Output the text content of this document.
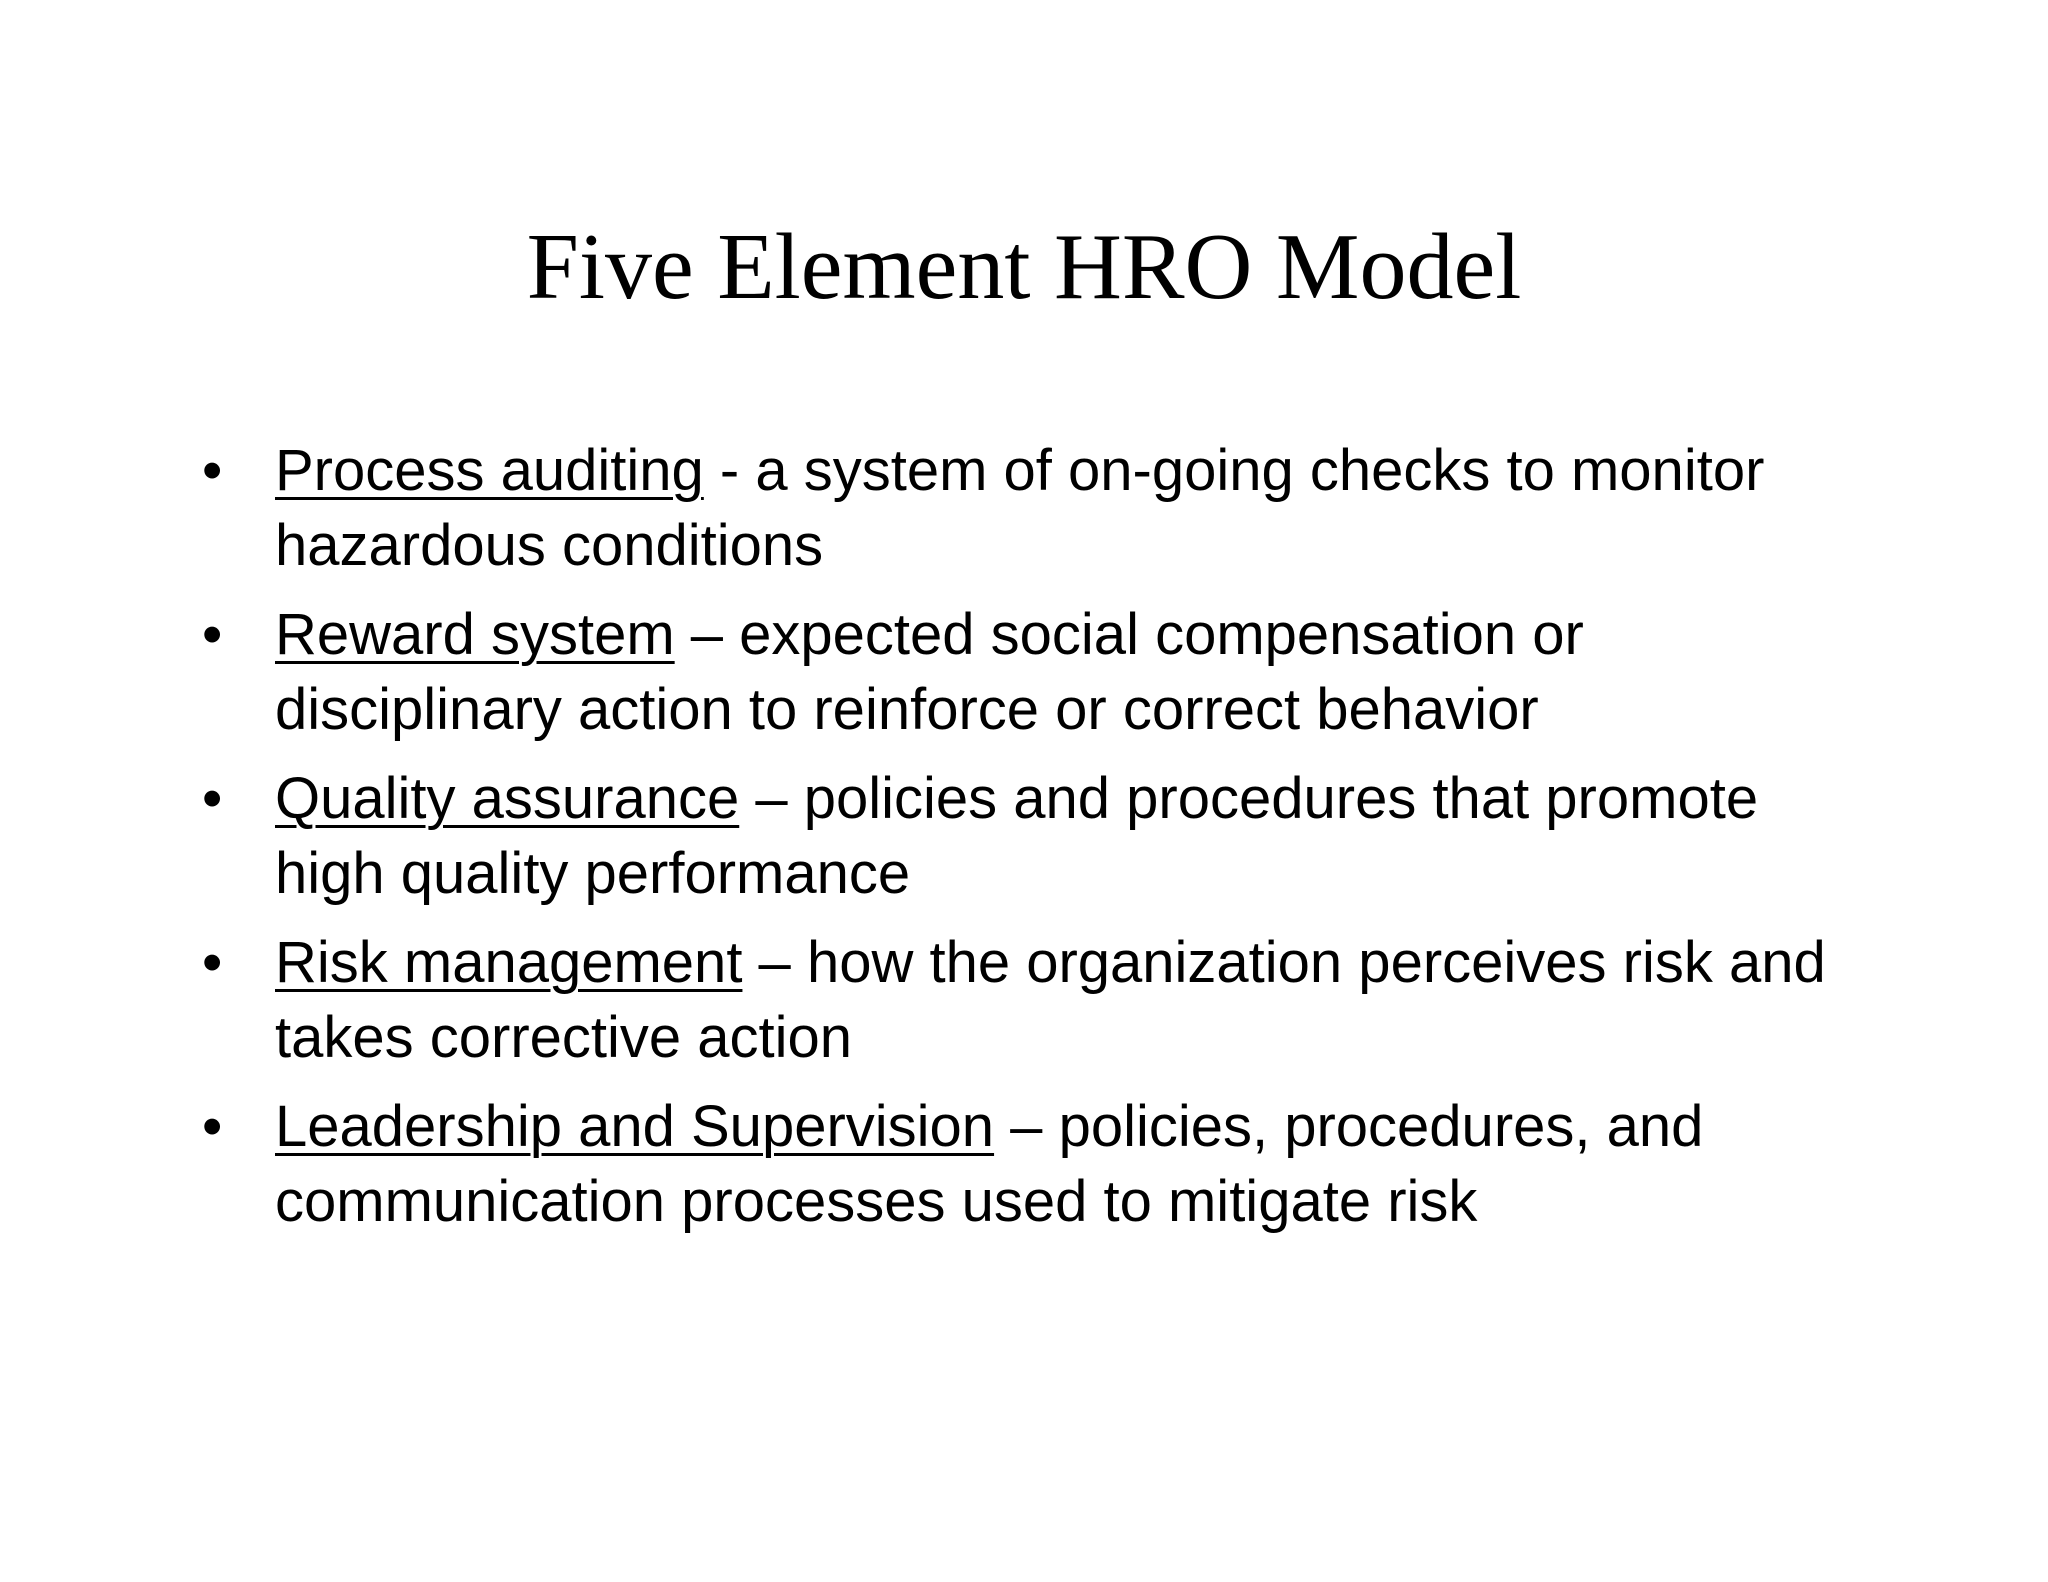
Five Element HRO Model
• Process auditing - a system of on-going checks to monitor hazardous conditions
• Reward system – expected social compensation or disciplinary action to reinforce or correct behavior
• Quality assurance – policies and procedures that promote high quality performance
• Risk management – how the organization perceives risk and takes corrective action
• Leadership and Supervision – policies, procedures, and communication processes used to mitigate risk
